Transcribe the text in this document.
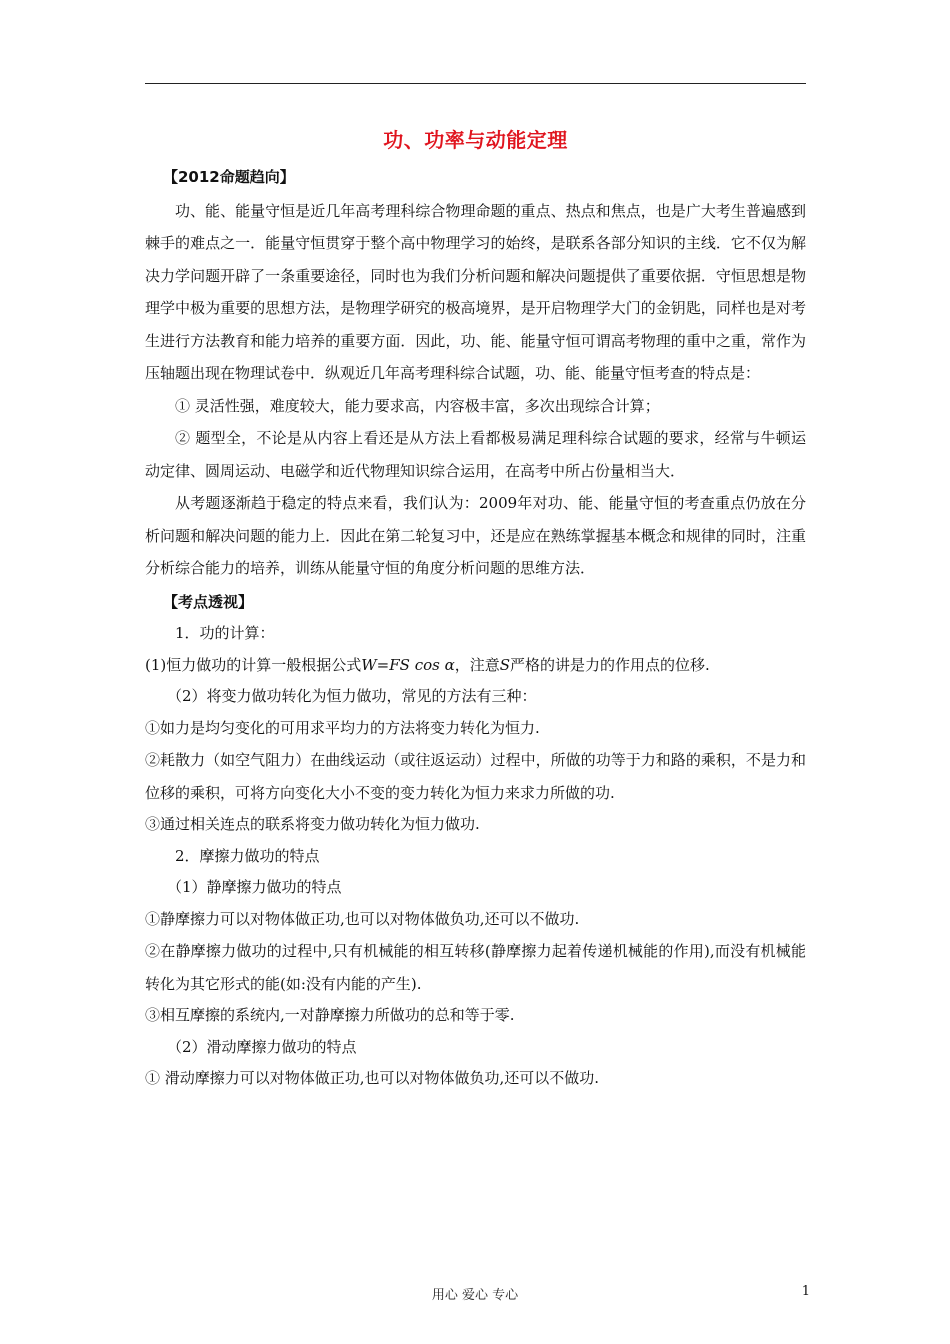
功、功率与动能定理
【2012命题趋向】

功、能、能量守恒是近几年高考理科综合物理命题的重点、热点和焦点，也是广大考生普遍感到棘手的难点之一．能量守恒贯穿于整个高中物理学习的始终，是联系各部分知识的主线．它不仅为解决力学问题开辟了一条重要途径，同时也为我们分析问题和解决问题提供了重要依据．守恒思想是物理学中极为重要的思想方法，是物理学研究的极高境界，是开启物理学大门的金钥匙，同样也是对考生进行方法教育和能力培养的重要方面．因此，功、能、能量守恒可谓高考物理的重中之重，常作为压轴题出现在物理试卷中．纵观近几年高考理科综合试题，功、能、能量守恒考查的特点是：

① 灵活性强，难度较大，能力要求高，内容极丰富，多次出现综合计算；

② 题型全，不论是从内容上看还是从方法上看都极易满足理科综合试题的要求，经常与牛顿运动定律、圆周运动、电磁学和近代物理知识综合运用，在高考中所占份量相当大．

从考题逐渐趋于稳定的特点来看，我们认为：2009年对功、能、能量守恒的考查重点仍放在分析问题和解决问题的能力上．因此在第二轮复习中，还是应在熟练掌握基本概念和规律的同时，注重分析综合能力的培养，训练从能量守恒的角度分析问题的思维方法．

【考点透视】
1．功的计算：
(1)恒力做功的计算一般根据公式W=FS cos α，注意S严格的讲是力的作用点的位移.
（2）将变力做功转化为恒力做功，常见的方法有三种：
①如力是均匀变化的可用求平均力的方法将变力转化为恒力.

②耗散力（如空气阻力）在曲线运动（或往返运动）过程中，所做的功等于力和路的乘积，不是力和位移的乘积，可将方向变化大小不变的变力转化为恒力来求力所做的功.

③通过相关连点的联系将变力做功转化为恒力做功.
2．摩擦力做功的特点
（1）静摩擦力做功的特点
①静摩擦力可以对物体做正功,也可以对物体做负功,还可以不做功.

②在静摩擦力做功的过程中,只有机械能的相互转移(静摩擦力起着传递机械能的作用),而没有机械能转化为其它形式的能(如:没有内能的产生).

③相互摩擦的系统内,一对静摩擦力所做功的总和等于零.
（2）滑动摩擦力做功的特点
① 滑动摩擦力可以对物体做正功,也可以对物体做负功,还可以不做功.
用心 爱心 专心	1
